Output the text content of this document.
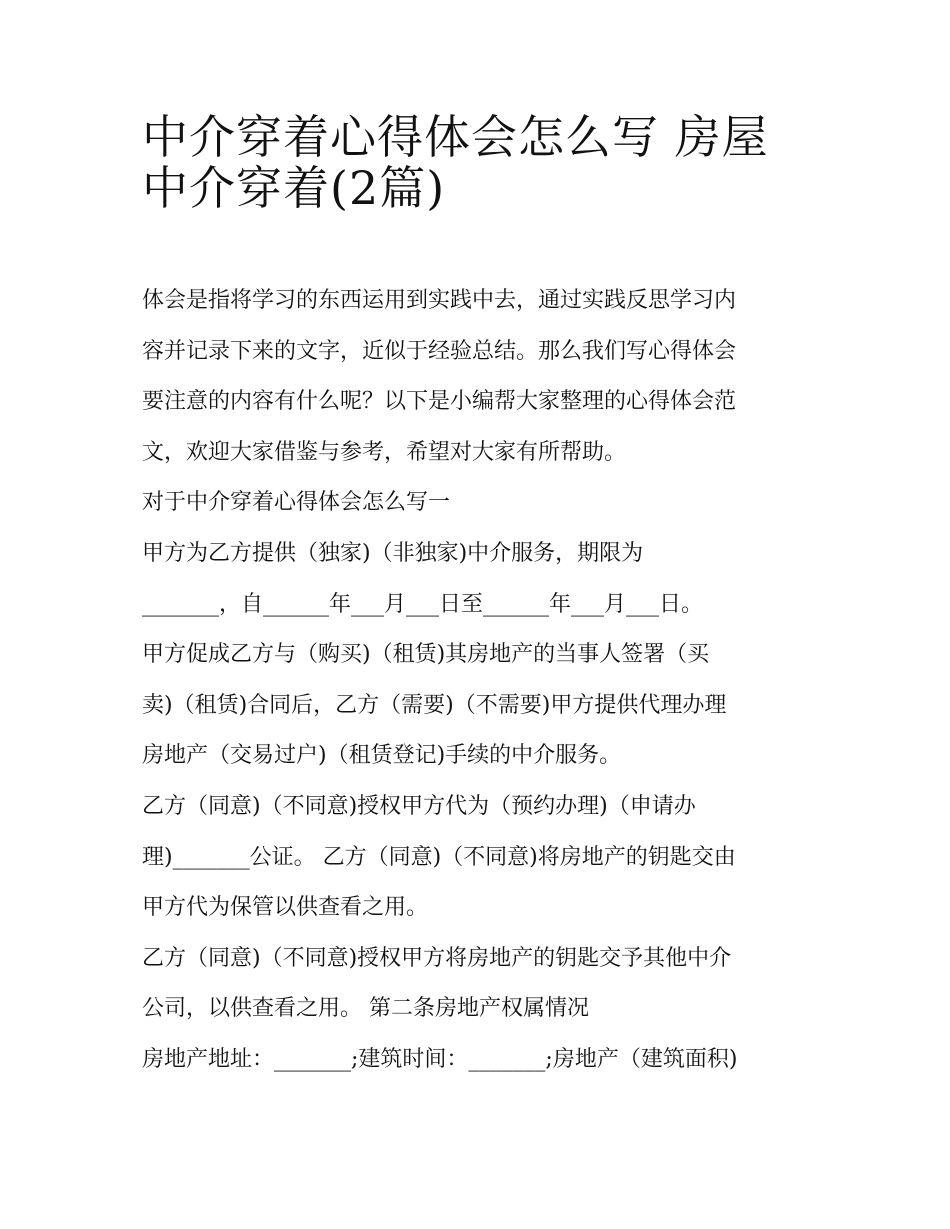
中介穿着心得体会怎么写 房屋
中介穿着(2篇)
体会是指将学习的东西运用到实践中去，通过实践反思学习内
容并记录下来的文字，近似于经验总结。那么我们写心得体会
要注意的内容有什么呢？以下是小编帮大家整理的心得体会范
文，欢迎大家借鉴与参考，希望对大家有所帮助。
对于中介穿着心得体会怎么写一
甲方为乙方提供（独家)（非独家)中介服务，期限为
_______，自______年___月___日至______年___月___日。
甲方促成乙方与（购买)（租赁)其房地产的当事人签署（买
卖)（租赁)合同后，乙方（需要)（不需要)甲方提供代理办理
房地产（交易过户)（租赁登记)手续的中介服务。
乙方（同意)（不同意)授权甲方代为（预约办理)（申请办
理)_______公证。 乙方（同意)（不同意)将房地产的钥匙交由
甲方代为保管以供查看之用。
乙方（同意)（不同意)授权甲方将房地产的钥匙交予其他中介
公司，以供查看之用。 第二条房地产权属情况
房地产地址：_______;建筑时间：_______;房地产（建筑面积)
